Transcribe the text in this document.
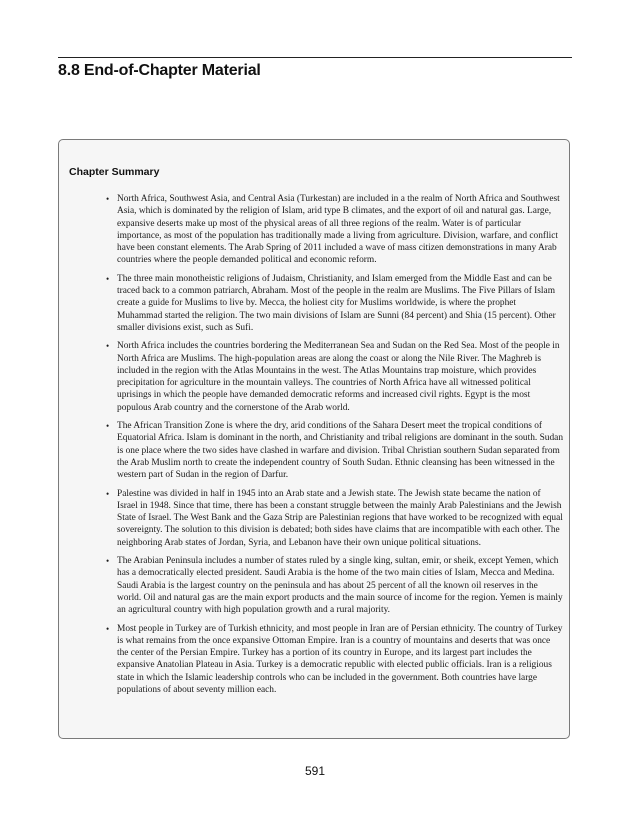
8.8 End-of-Chapter Material
Chapter Summary
• North Africa, Southwest Asia, and Central Asia (Turkestan) are included in a the realm of North Africa and Southwest Asia, which is dominated by the religion of Islam, arid type B climates, and the export of oil and natural gas. Large, expansive deserts make up most of the physical areas of all three regions of the realm. Water is of particular importance, as most of the population has traditionally made a living from agriculture. Division, warfare, and conflict have been constant elements. The Arab Spring of 2011 included a wave of mass citizen demonstrations in many Arab countries where the people demanded political and economic reform.
• The three main monotheistic religions of Judaism, Christianity, and Islam emerged from the Middle East and can be traced back to a common patriarch, Abraham. Most of the people in the realm are Muslims. The Five Pillars of Islam create a guide for Muslims to live by. Mecca, the holiest city for Muslims worldwide, is where the prophet Muhammad started the religion. The two main divisions of Islam are Sunni (84 percent) and Shia (15 percent). Other smaller divisions exist, such as Sufi.
• North Africa includes the countries bordering the Mediterranean Sea and Sudan on the Red Sea. Most of the people in North Africa are Muslims. The high-population areas are along the coast or along the Nile River. The Maghreb is included in the region with the Atlas Mountains in the west. The Atlas Mountains trap moisture, which provides precipitation for agriculture in the mountain valleys. The countries of North Africa have all witnessed political uprisings in which the people have demanded democratic reforms and increased civil rights. Egypt is the most populous Arab country and the cornerstone of the Arab world.
• The African Transition Zone is where the dry, arid conditions of the Sahara Desert meet the tropical conditions of Equatorial Africa. Islam is dominant in the north, and Christianity and tribal religions are dominant in the south. Sudan is one place where the two sides have clashed in warfare and division. Tribal Christian southern Sudan separated from the Arab Muslim north to create the independent country of South Sudan. Ethnic cleansing has been witnessed in the western part of Sudan in the region of Darfur.
• Palestine was divided in half in 1945 into an Arab state and a Jewish state. The Jewish state became the nation of Israel in 1948. Since that time, there has been a constant struggle between the mainly Arab Palestinians and the Jewish State of Israel. The West Bank and the Gaza Strip are Palestinian regions that have worked to be recognized with equal sovereignty. The solution to this division is debated; both sides have claims that are incompatible with each other. The neighboring Arab states of Jordan, Syria, and Lebanon have their own unique political situations.
• The Arabian Peninsula includes a number of states ruled by a single king, sultan, emir, or sheik, except Yemen, which has a democratically elected president. Saudi Arabia is the home of the two main cities of Islam, Mecca and Medina. Saudi Arabia is the largest country on the peninsula and has about 25 percent of all the known oil reserves in the world. Oil and natural gas are the main export products and the main source of income for the region. Yemen is mainly an agricultural country with high population growth and a rural majority.
• Most people in Turkey are of Turkish ethnicity, and most people in Iran are of Persian ethnicity. The country of Turkey is what remains from the once expansive Ottoman Empire. Iran is a country of mountains and deserts that was once the center of the Persian Empire. Turkey has a portion of its country in Europe, and its largest part includes the expansive Anatolian Plateau in Asia. Turkey is a democratic republic with elected public officials. Iran is a religious state in which the Islamic leadership controls who can be included in the government. Both countries have large populations of about seventy million each.
591
